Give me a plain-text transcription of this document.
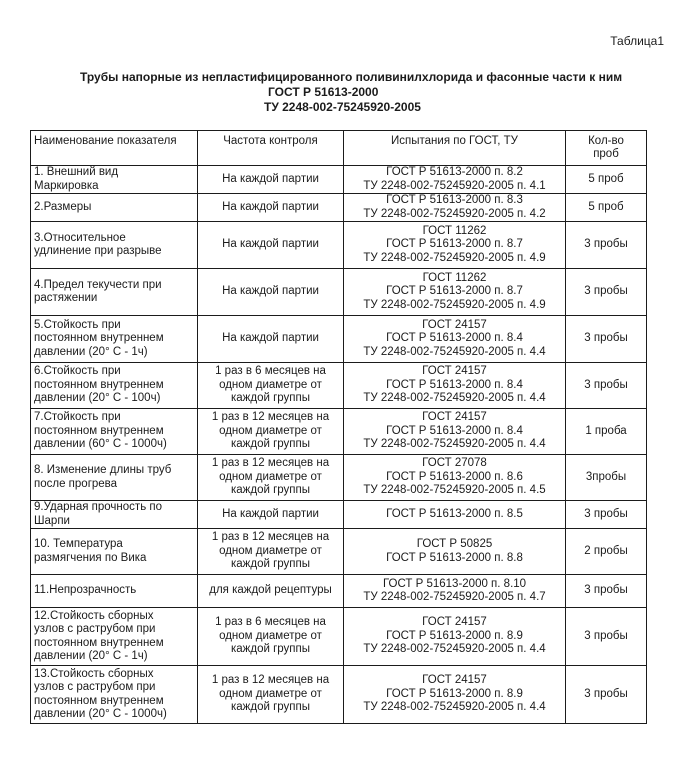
Таблица1
Трубы напорные из непластифицированного поливинилхлорида и фасонные части к ним
ГОСТ Р 51613-2000
ТУ 2248-002-75245920-2005
Наименование показателя	Частота контроля	Испытания по ГОСТ, ТУ	Кол-во
проб

1. Внешний вид
Маркировка	На каждой партии	ГОСТ Р 51613-2000 п. 8.2
ТУ 2248-002-75245920-2005 п. 4.1	5 проб

2.Размеры	На каждой партии	ГОСТ Р 51613-2000 п. 8.3
ТУ 2248-002-75245920-2005 п. 4.2	5 проб

3.Относительное
удлинение при разрыве	На каждой партии	ГОСТ 11262
ГОСТ Р 51613-2000 п. 8.7
ТУ 2248-002-75245920-2005 п. 4.9	3 пробы

4.Предел текучести при
растяжении	На каждой партии	ГОСТ 11262
ГОСТ Р 51613-2000 п. 8.7
ТУ 2248-002-75245920-2005 п. 4.9	3 пробы

5.Стойкость при
постоянном внутреннем
давлении (20° С - 1ч)	На каждой партии	ГОСТ 24157
ГОСТ Р 51613-2000 п. 8.4
ТУ 2248-002-75245920-2005 п. 4.4	3 пробы

6.Стойкость при
постоянном внутреннем
давлении (20° С - 100ч)	1 раз в 6 месяцев на
одном диаметре от
каждой группы	ГОСТ 24157
ГОСТ Р 51613-2000 п. 8.4
ТУ 2248-002-75245920-2005 п. 4.4	3 пробы

7.Стойкость при
постоянном внутреннем
давлении (60° С - 1000ч)	1 раз в 12 месяцев на
одном диаметре от
каждой группы	ГОСТ 24157
ГОСТ Р 51613-2000 п. 8.4
ТУ 2248-002-75245920-2005 п. 4.4	1 проба

8. Изменение длины труб
после прогрева	1 раз в 12 месяцев на
одном диаметре от
каждой группы	ГОСТ 27078
ГОСТ Р 51613-2000 п. 8.6
ТУ 2248-002-75245920-2005 п. 4.5	3пробы

9.Ударная прочность по
Шарпи	На каждой партии	ГОСТ Р 51613-2000 п. 8.5	3 пробы

10. Температура
размягчения по Вика	1 раз в 12 месяцев на
одном диаметре от
каждой группы	ГОСТ Р 50825
ГОСТ Р 51613-2000 п. 8.8	2 пробы

11.Непрозрачность	для каждой рецептуры	ГОСТ Р 51613-2000 п. 8.10
ТУ 2248-002-75245920-2005 п. 4.7	3 пробы

12.Стойкость сборных
узлов с раструбом при
постоянном внутреннем
давлении (20° С - 1ч)	1 раз в 6 месяцев на
одном диаметре от
каждой группы	ГОСТ 24157
ГОСТ Р 51613-2000 п. 8.9
ТУ 2248-002-75245920-2005 п. 4.4	3 пробы

13.Стойкость сборных
узлов с раструбом при
постоянном внутреннем
давлении (20° С - 1000ч)	1 раз в 12 месяцев на
одном диаметре от
каждой группы	ГОСТ 24157
ГОСТ Р 51613-2000 п. 8.9
ТУ 2248-002-75245920-2005 п. 4.4	3 пробы
